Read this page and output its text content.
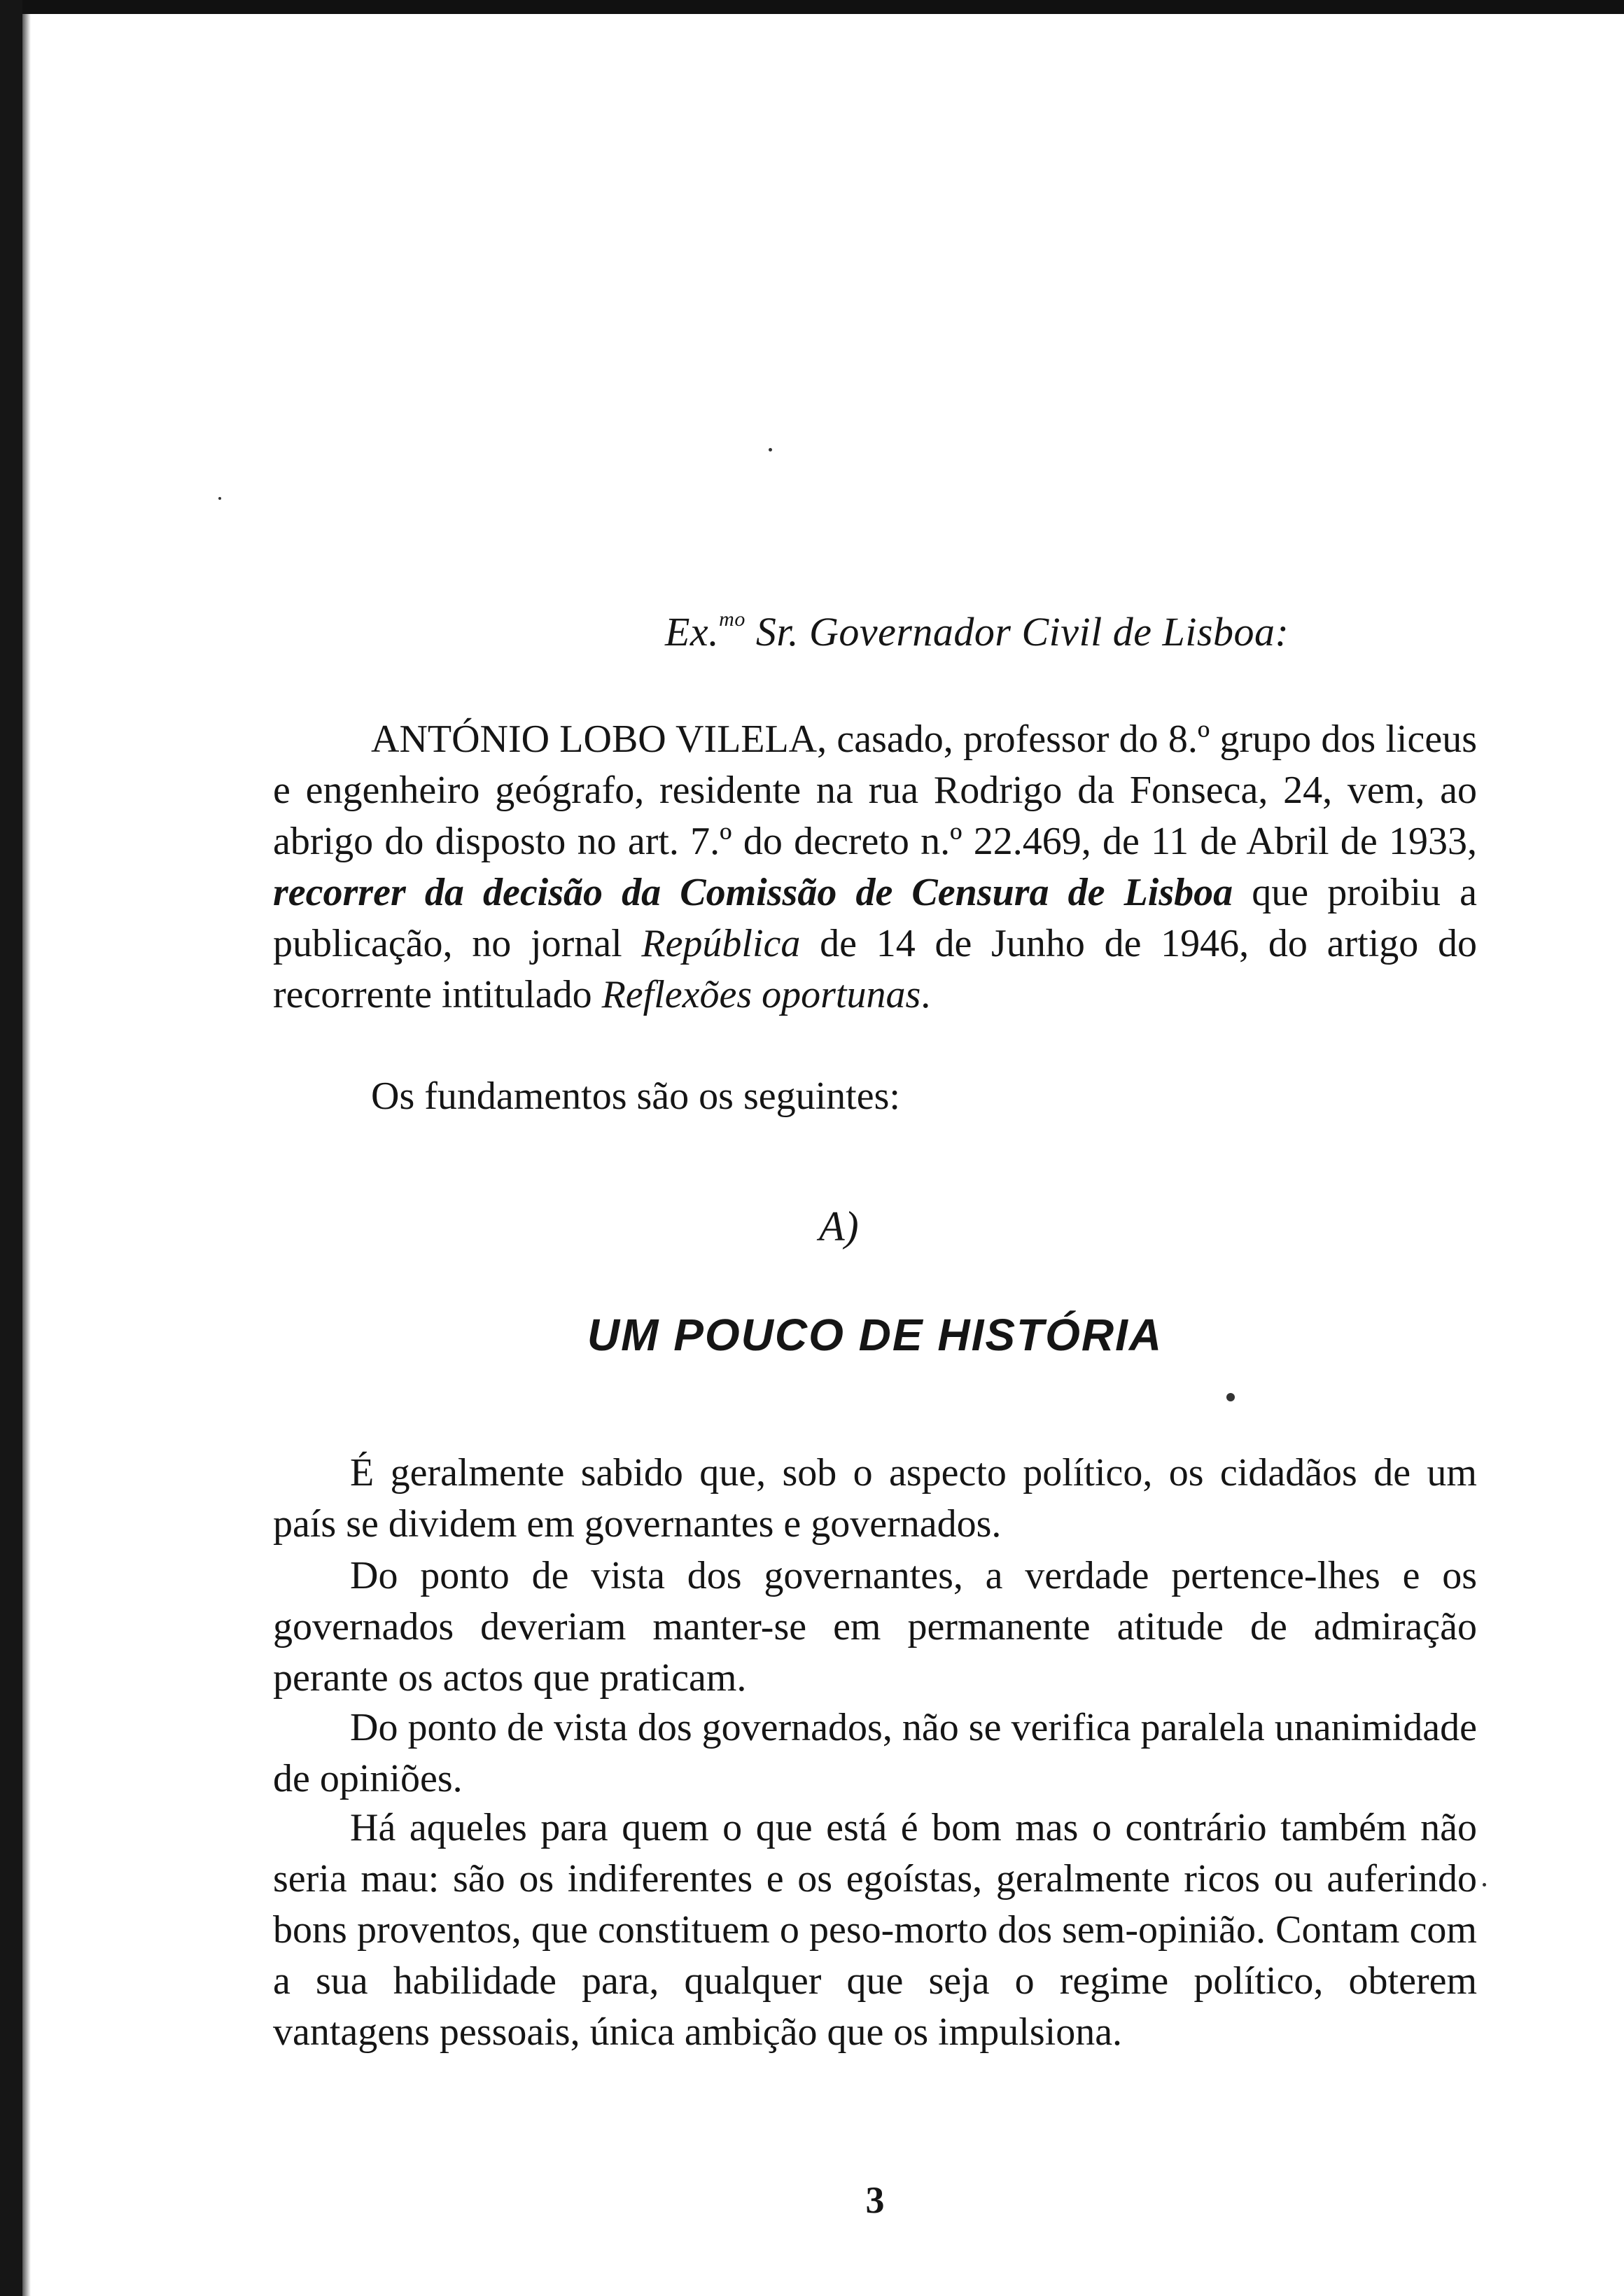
Ex.$^{mo}$ Sr. Governador Civil de Lisboa:
ANTÓNIO LOBO VILELA, casado, professor do 8.º grupo dos liceus e engenheiro geógrafo, residente na rua Rodrigo da Fonseca, 24, vem, ao abrigo do disposto no art. 7.º do decreto n.º 22.469, de 11 de Abril de 1933, recorrer da decisão da Comissão de Censura de Lisboa que proibiu a publicação, no jornal República de 14 de Junho de 1946, do artigo do recorrente intitulado Reflexões oportunas.
Os fundamentos são os seguintes:
A)
UM POUCO DE HISTÓRIA
É geralmente sabido que, sob o aspecto político, os cidadãos de um país se dividem em governantes e governados.
Do ponto de vista dos governantes, a verdade pertence-lhes e os governados deveriam manter-se em permanente atitude de admiração perante os actos que praticam.
Do ponto de vista dos governados, não se verifica paralela unanimidade de opiniões.
Há aqueles para quem o que está é bom mas o contrário também não seria mau: são os indiferentes e os egoístas, geralmente ricos ou auferindo bons proventos, que constituem o peso-morto dos sem-opinião. Contam com a sua habilidade para, qualquer que seja o regime político, obterem vantagens pessoais, única ambição que os impulsiona.
3
